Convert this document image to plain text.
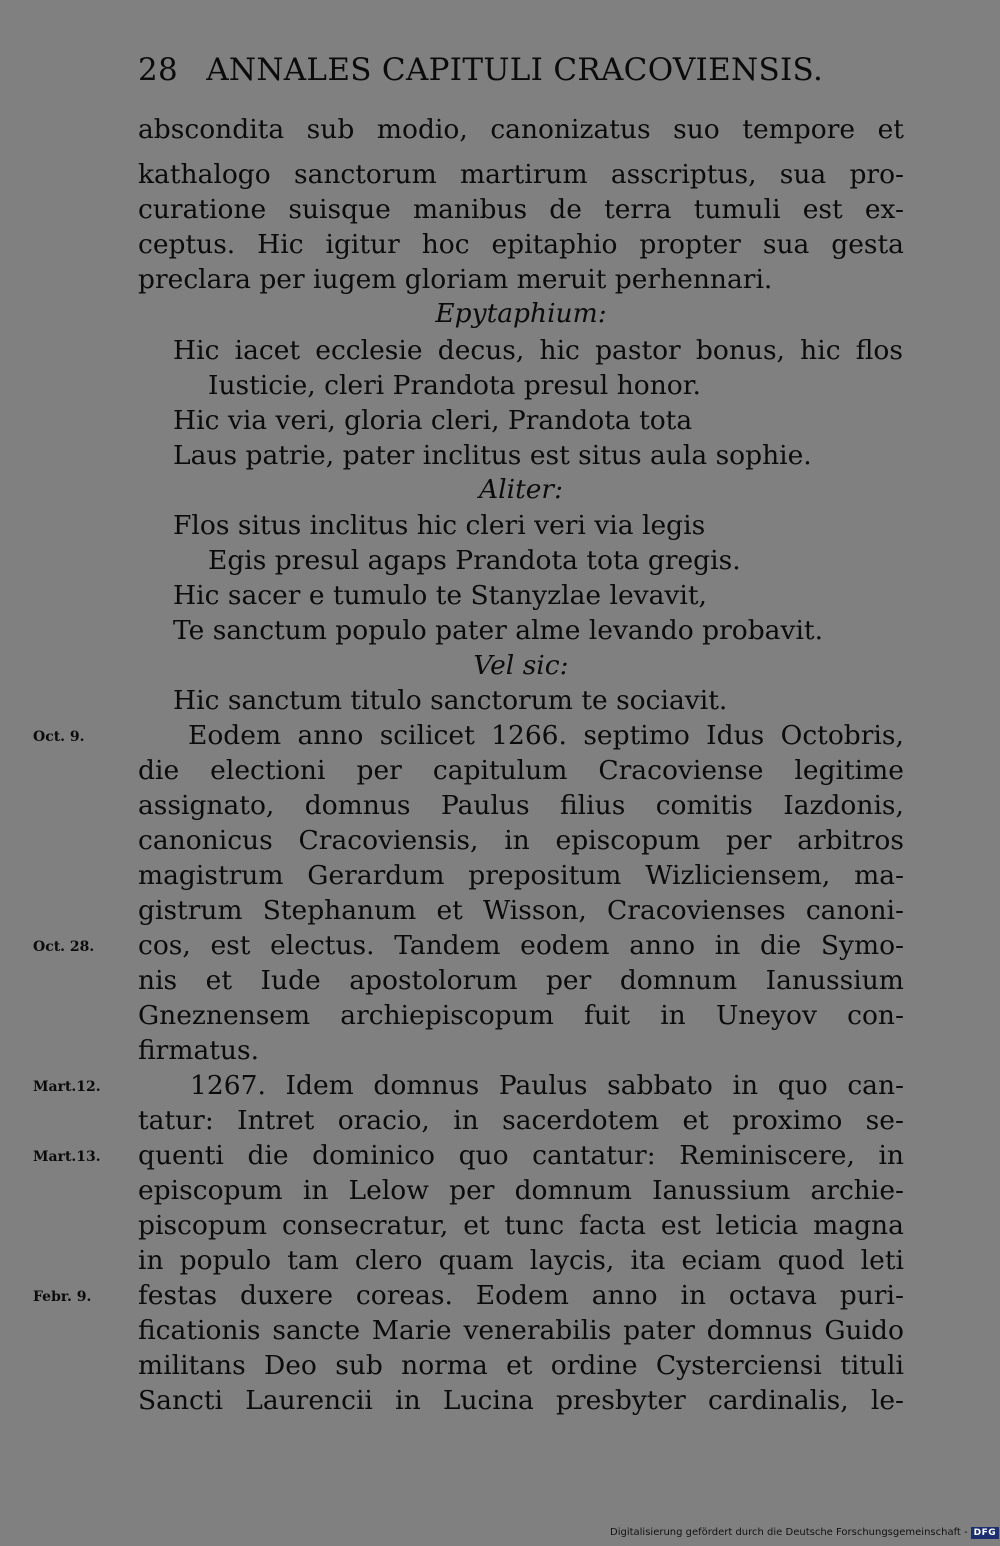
28 ANNALES CAPITULI CRACOVIENSIS.
abscondita sub modio, canonizatus suo tempore et
kathalogo sanctorum martirum asscriptus, sua pro-
curatione suisque manibus de terra tumuli est ex-
ceptus. Hic igitur hoc epitaphio propter sua gesta
preclara per iugem gloriam meruit perhennari.
Epytaphium:
Hic iacet ecclesie decus, hic pastor bonus, hic flos
Iusticie, cleri Prandota presul honor.
Hic via veri, gloria cleri, Prandota tota
Laus patrie, pater inclitus est situs aula sophie.
Aliter:
Flos situs inclitus hic cleri veri via legis
Egis presul agaps Prandota tota gregis.
Hic sacer e tumulo te Stanyzlae levavit,
Te sanctum populo pater alme levando probavit.
Vel sic:
Hic sanctum titulo sanctorum te sociavit.
Eodem anno scilicet 1266. septimo Idus Octobris,
die electioni per capitulum Cracoviense legitime
assignato, domnus Paulus filius comitis Iazdonis,
canonicus Cracoviensis, in episcopum per arbitros
magistrum Gerardum prepositum Wizliciensem, ma-
gistrum Stephanum et Wisson, Cracovienses canoni-
cos, est electus. Tandem eodem anno in die Symo-
nis et Iude apostolorum per domnum Ianussium
Gneznensem archiepiscopum fuit in Uneyov con-
firmatus.
1267. Idem domnus Paulus sabbato in quo can-
tatur: Intret oracio, in sacerdotem et proximo se-
quenti die dominico quo cantatur: Reminiscere, in
episcopum in Lelow per domnum Ianussium archie-
piscopum consecratur, et tunc facta est leticia magna
in populo tam clero quam laycis, ita eciam quod leti
festas duxere coreas. Eodem anno in octava puri-
ficationis sancte Marie venerabilis pater domnus Guido
militans Deo sub norma et ordine Cysterciensi tituli
Sancti Laurencii in Lucina presbyter cardinalis, le-
Oct. 9.
Oct. 28.
Mart.12.
Mart.13.
Febr. 9.
Digitalisierung gefördert durch die Deutsche Forschungsgemeinschaft - DFG
